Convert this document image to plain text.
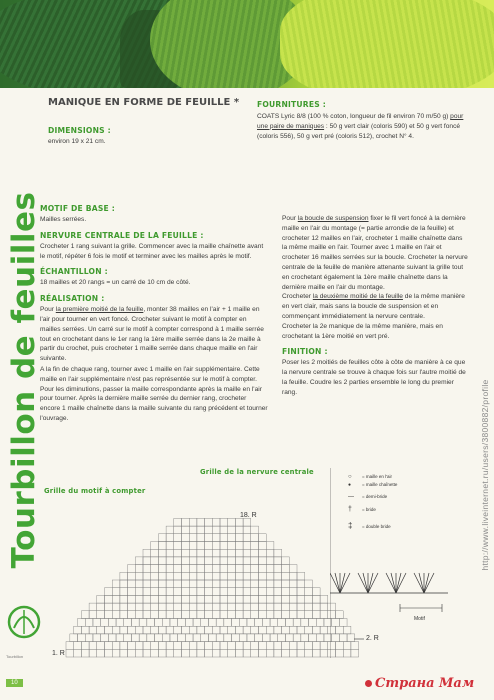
Tourbillon de feuilles
Tourbillon
10
MANIQUE EN FORME DE FEUILLE *
DIMENSIONS :
environ 19 x 21 cm.
FOURNITURES :
COATS Lyric 8/8 (100 % coton, longueur de fil environ 70 m/50 g) pour une paire de maniques : 50 g vert clair (coloris 590) et 50 g vert foncé (coloris 556), 50 g vert pré (coloris 512), crochet N° 4.
MOTIF DE BASE :

Mailles serrées.

NERVURE CENTRALE DE LA FEUILLE :

Crocheter 1 rang suivant la grille. Commencer avec la maille chaînette avant le motif, répéter 6 fois le motif et terminer avec les mailles après le motif.

ÉCHANTILLON :

18 mailles et 20 rangs = un carré de 10 cm de côté.

RÉALISATION :

Pour la première moitié de la feuille, monter 38 mailles en l'air + 1 maille en l'air pour tourner en vert foncé. Crocheter suivant le motif à compter en mailles serrées. Un carré sur le motif à compter correspond à 1 maille serrée tout en crochetant dans le 1er rang la 1ère maille serrée dans la 2e maille à partir du crochet, puis crocheter 1 maille serrée dans chaque maille en l'air suivante.

A la fin de chaque rang, tourner avec 1 maille en l'air supplémentaire. Cette maille en l'air supplémentaire n'est pas représentée sur le motif à compter. Pour les diminutions, passer la maille correspondante après la maille en l'air pour tourner. Après la dernière maille serrée du dernier rang, crocheter encore 1 maille chaînette dans la maille suivante du rang précédent et tourner l'ouvrage.

Pour la boucle de suspension fixer le fil vert foncé à la dernière maille en l'air du montage (= partie arrondie de la feuille) et crocheter 12 mailles en l'air, crocheter 1 maille chaînette dans la même maille en l'air. Tourner avec 1 maille en l'air et crocheter 16 mailles serrées sur la boucle. Crocheter la nervure centrale de la feuille de manière attenante suivant la grille tout en crochetant également la 1ère maille chaînette dans la dernière maille en l'air du montage.

Crocheter la deuxième moitié de la feuille de la même manière en vert clair, mais sans la boucle de suspension et en commençant immédiatement la nervure centrale.

Crocheter la 2e manique de la même manière, mais en crochetant la 1ère moitié en vert pré.

FINITION :

Poser les 2 moitiés de feuilles côte à côte de manière à ce que la nervure centrale se trouve à chaque fois sur l'autre moitié de la feuille. Coudre les 2 parties ensemble le long du premier rang.

Grille de la nervure centrale
Grille du motif à compter
18. R
1. R
2. R
○ = maille en l'air
● = maille chaînette
— = demi-bride
† = bride
‡ = double bride
Motif
http://www.liveinternet.ru/users/3800882/profile
Страна Мам
